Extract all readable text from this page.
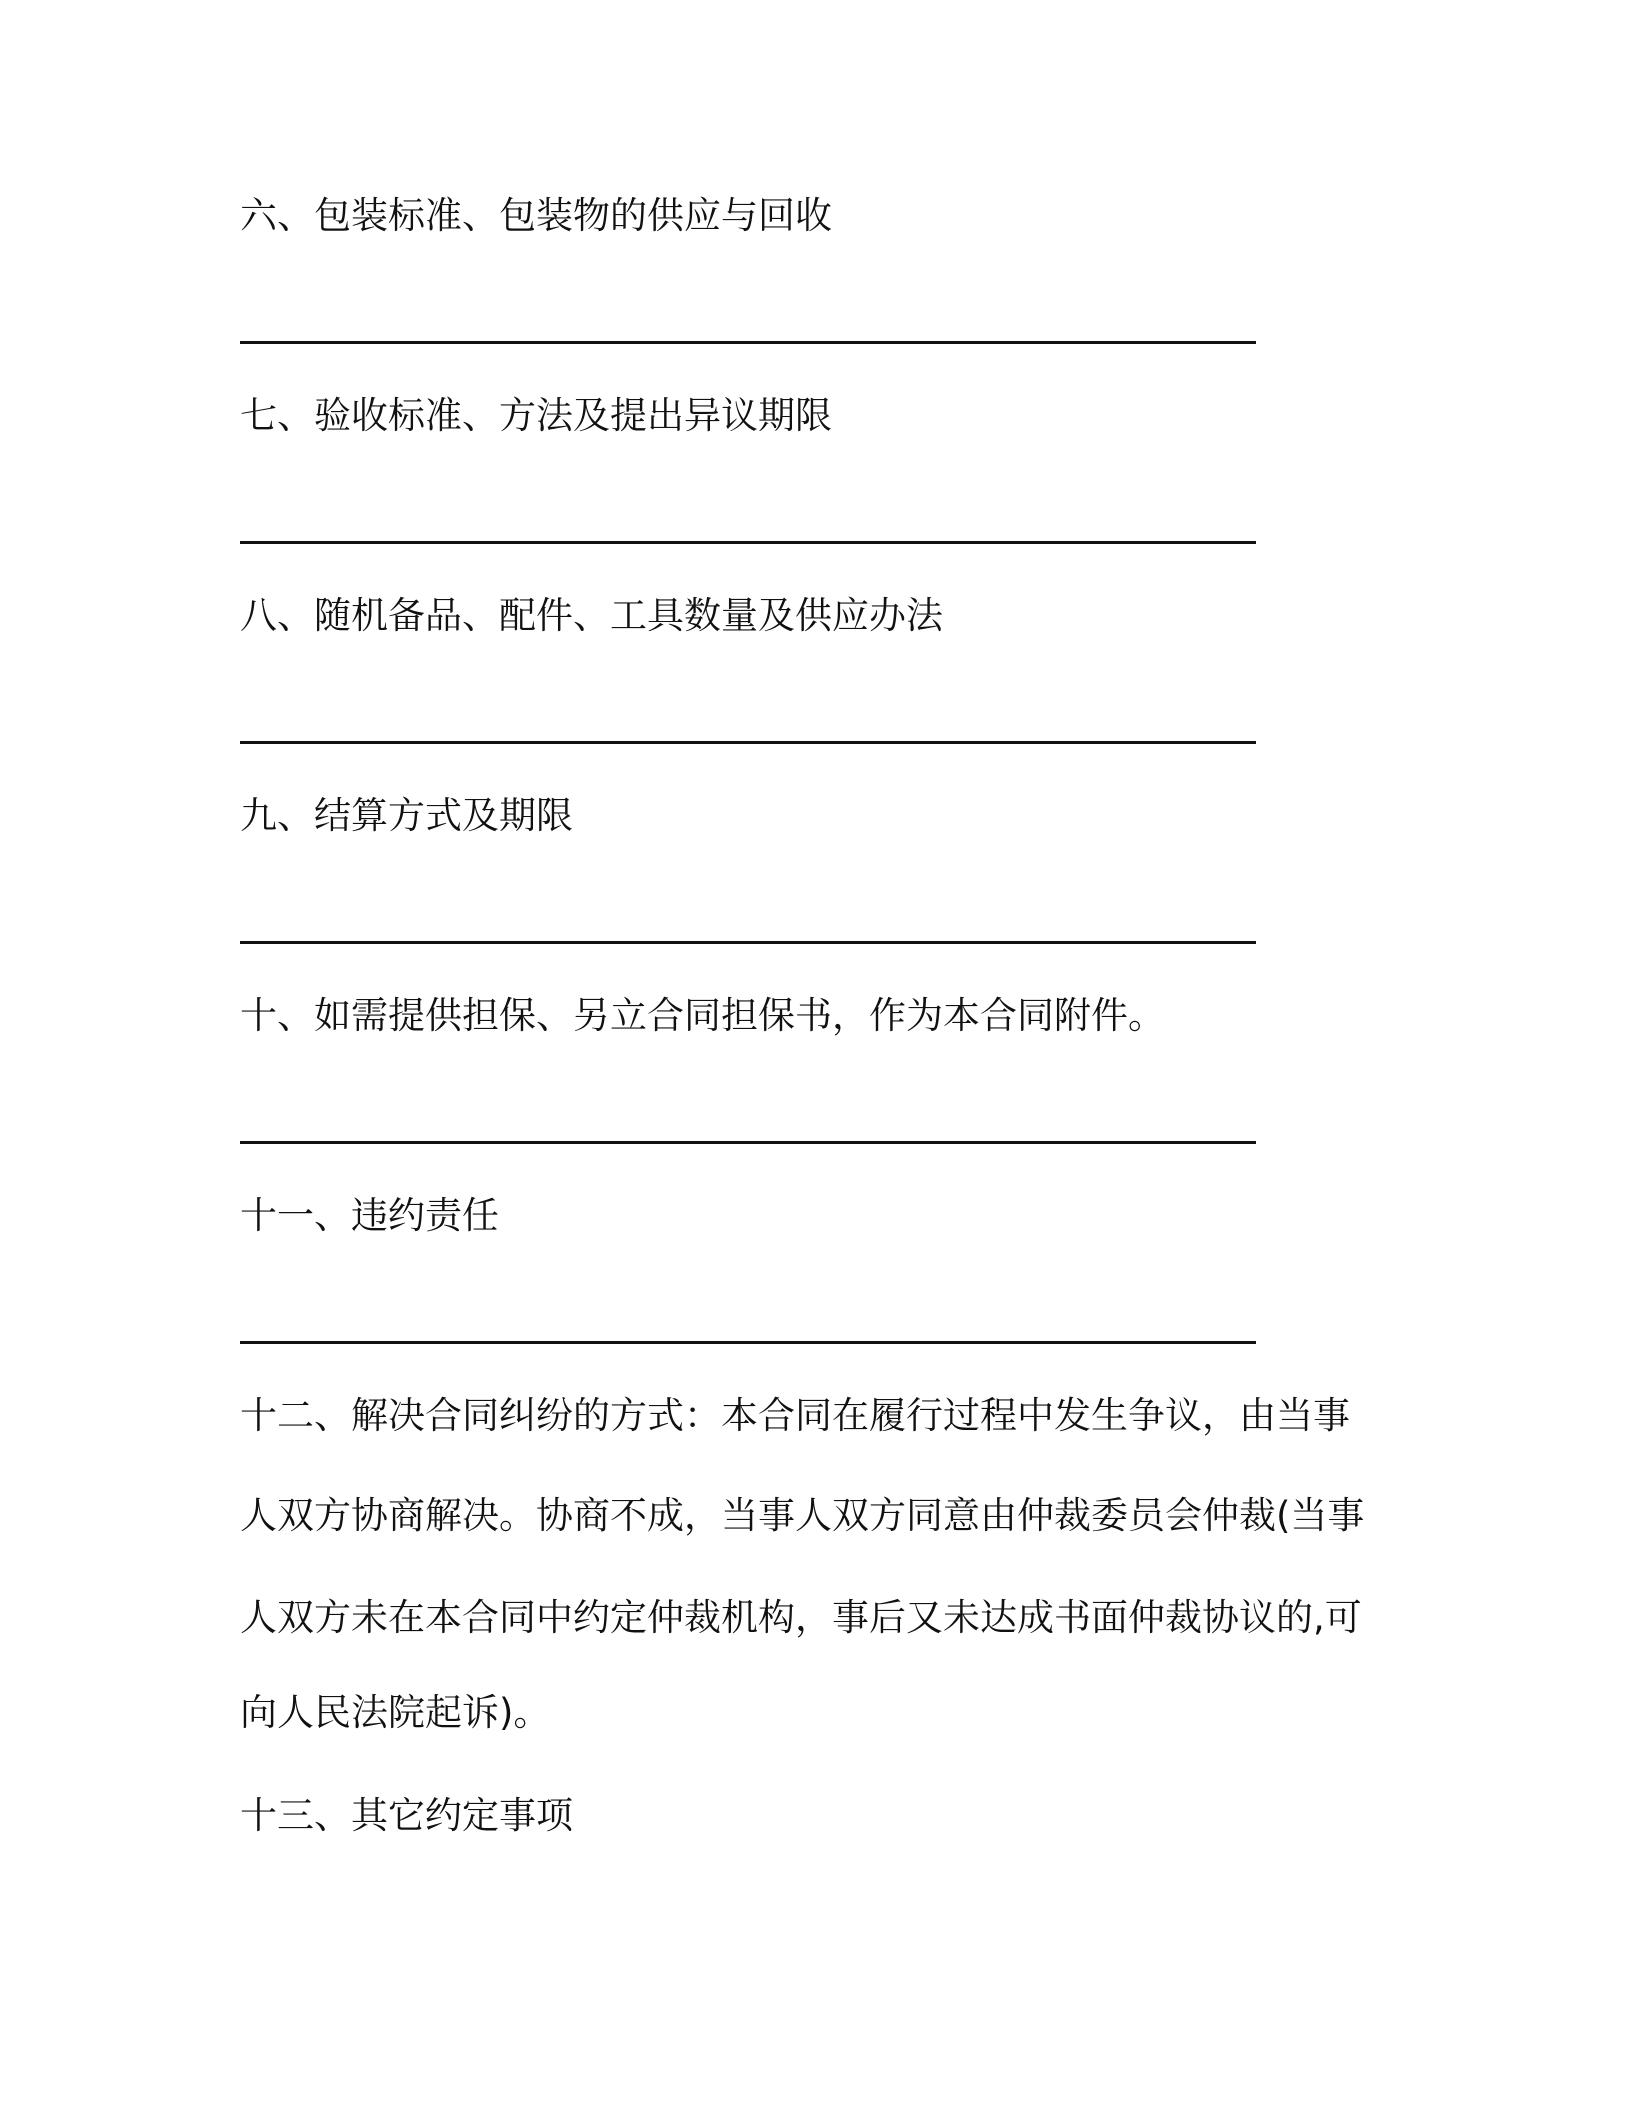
六、包装标准、包装物的供应与回收
七、验收标准、方法及提出异议期限
八、随机备品、配件、工具数量及供应办法
九、结算方式及期限
十、如需提供担保、另立合同担保书，作为本合同附件。
十一、违约责任

十二、解决合同纠纷的方式：本合同在履行过程中发生争议，由当事

人双方协商解决。协商不成，当事人双方同意由仲裁委员会仲裁(当事

人双方未在本合同中约定仲裁机构，事后又未达成书面仲裁协议的,可

向人民法院起诉)。

十三、其它约定事项
